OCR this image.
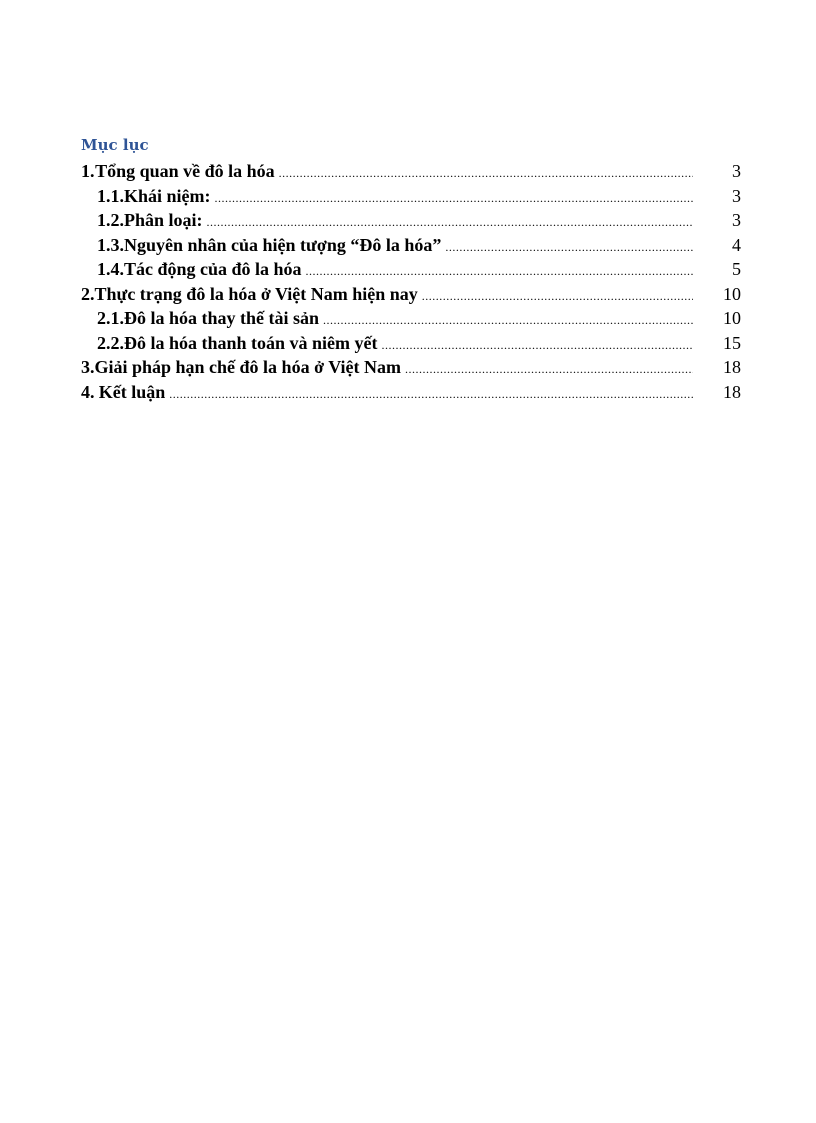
Mục lục
1. Tổng quan về đô la hóa .....	3
1.1. Khái niệm: .....	3
1.2. Phân loại: .....	3
1.3. Nguyên nhân của hiện tượng “Đô la hóa” .....	4
1.4. Tác động của đô la hóa .....	5
2. Thực trạng đô la hóa ở Việt Nam hiện nay .....	10
2.1. Đô la hóa thay thế tài sản .....	10
2.2. Đô la hóa thanh toán và niêm yết .....	15
3. Giải pháp hạn chế đô la hóa ở Việt Nam .....	18
4. Kết luận .....	18
